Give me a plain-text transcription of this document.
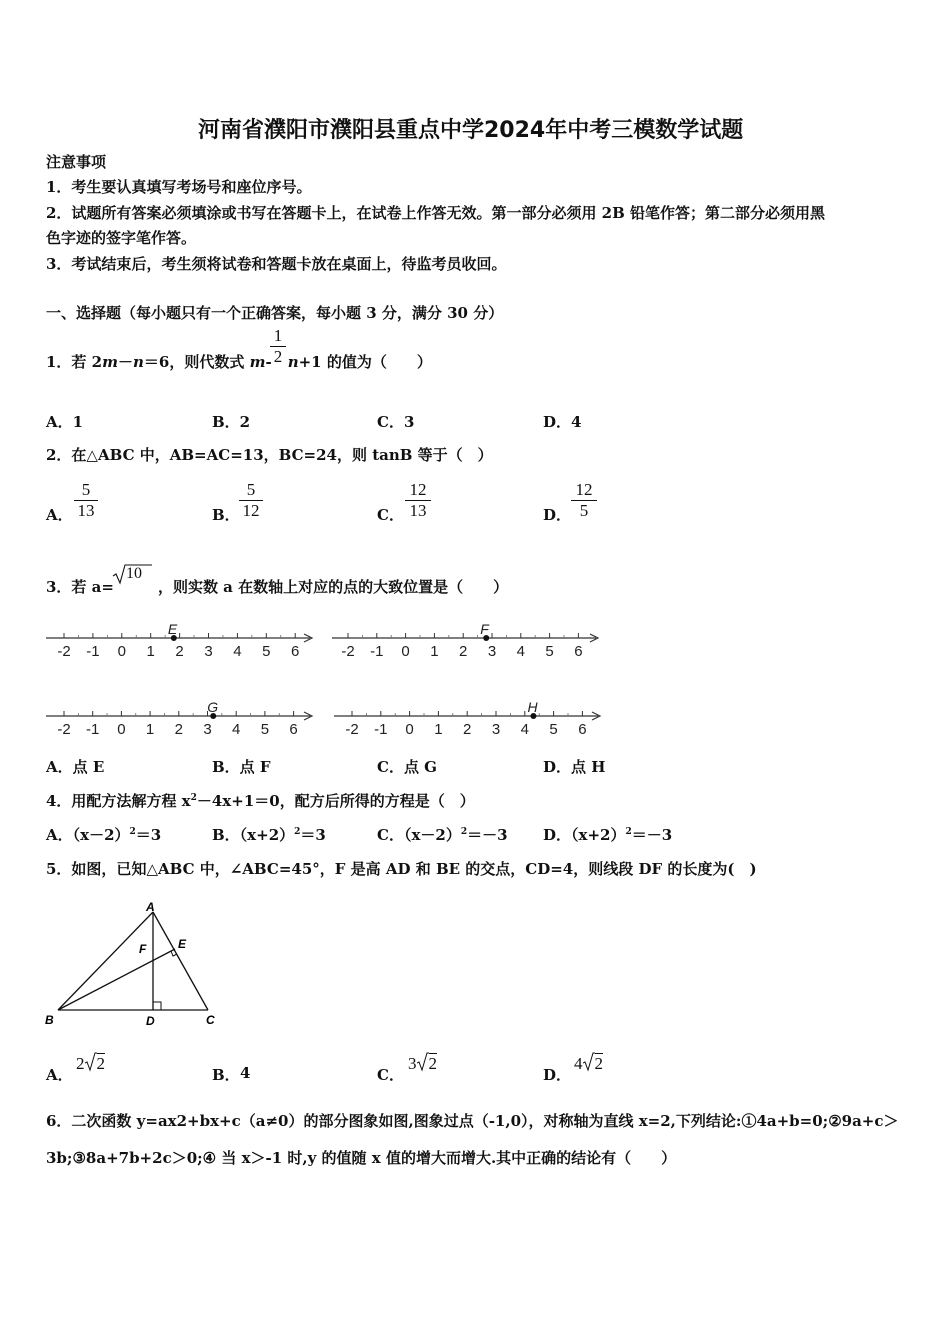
河南省濮阳市濮阳县重点中学2024年中考三模数学试题
注意事项
1．考生要认真填写考场号和座位序号。
2．试题所有答案必须填涂或书写在答题卡上，在试卷上作答无效。第一部分必须用 2B 铅笔作答；第二部分必须用黑
色字迹的签字笔作答。
3．考试结束后，考生须将试卷和答题卡放在桌面上，待监考员收回。
一、选择题（每小题只有一个正确答案，每小题 3 分，满分 30 分）
1．若 2m－n＝6，则代数式 m- n+1 的值为（　　）
$\frac{1}{2}$
A．1	B．2	C．3	D．4
2．在△ABC 中，AB=AC=13，BC=24，则 tanB 等于（　）
A． $\frac{5}{13}$	B． $\frac{5}{12}$	C． $\frac{12}{13}$	D． $\frac{12}{5}$
3．若 a=	，则实数 a 在数轴上对应的点的大致位置是（　　）
10
-2 -1 0 1 2 3 4 5 6
E
-2 -1 0 1 2 3 4 5 6
F
-2 -1 0 1 2 3 4 5 6
G
-2 -1 0 1 2 3 4 5 6
H
A．点 E	B．点 F	C．点 G	D．点 H
4．用配方法解方程 $x^2-4x+1=0$，配方后所得的方程是（　）
A．$(x-2)^2=3$	B．$(x+2)^2=3$	C．$(x-2)^2=-3$ D．$(x+2)^2=-3$
5．如图，已知△ABC 中，∠ABC=45°，F 是高 AD 和 BE 的交点，CD=4，则线段 DF 的长度为(　)
A
B	C
D
E
F
A．
2 2
B． 4	C．
3 2
D．
4 2
6．二次函数 y=ax2+bx+c（a≠0）的部分图象如图,图象过点（-1,0），对称轴为直线 x=2,下列结论:①4a+b=0;②9a+c＞
3b;③8a+7b+2c＞0;④ 当 x＞-1 时,y 的值随 x 值的增大而增大.其中正确的结论有（　　）
